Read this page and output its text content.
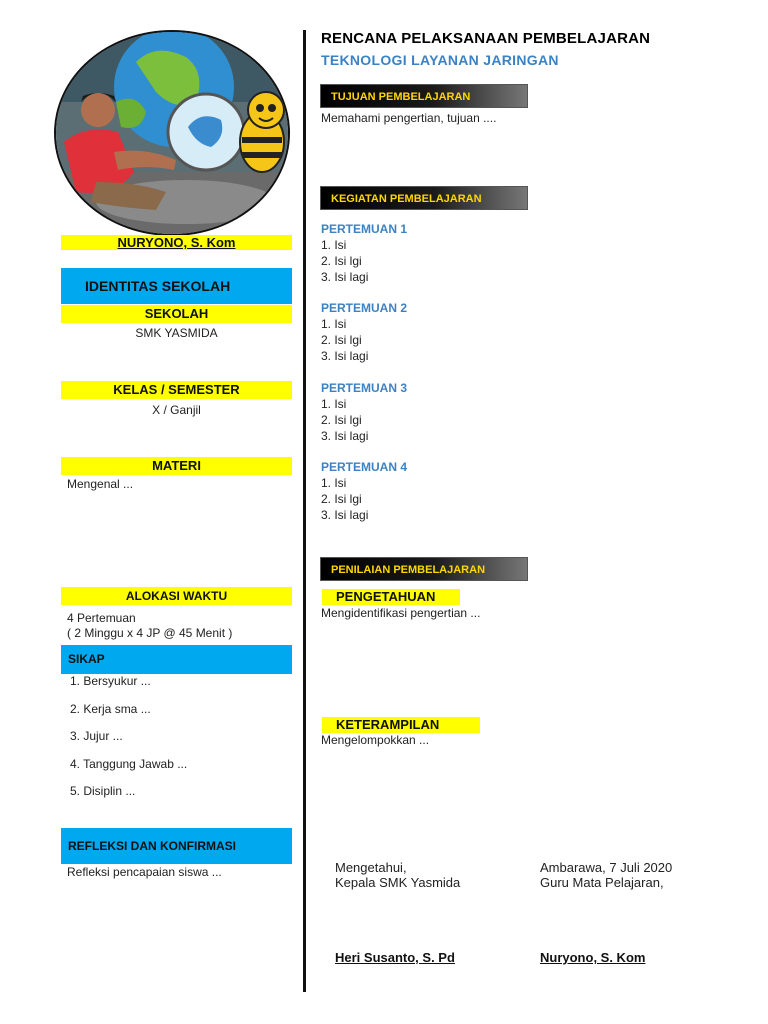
NURYONO, S. Kom
IDENTITAS SEKOLAH
SEKOLAH
SMK YASMIDA
KELAS / SEMESTER
X / Ganjil
MATERI
Mengenal ...
ALOKASI WAKTU
4 Pertemuan
( 2 Minggu x 4 JP @ 45 Menit )
SIKAP
1. Bersyukur ...
2. Kerja sma ...
3. Jujur ...
4. Tanggung Jawab ...
5. Disiplin ...
REFLEKSI DAN KONFIRMASI
Refleksi pencapaian siswa ...
RENCANA PELAKSANAAN PEMBELAJARAN
TEKNOLOGI LAYANAN JARINGAN
TUJUAN PEMBELAJARAN
Memahami pengertian, tujuan ....
KEGIATAN PEMBELAJARAN
PERTEMUAN 1
1. Isi
2. Isi lgi
3. Isi lagi
PERTEMUAN 2
1. Isi
2. Isi lgi
3. Isi lagi
PERTEMUAN 3
1. Isi
2. Isi lgi
3. Isi lagi
PERTEMUAN 4
1. Isi
2. Isi lgi
3. Isi lagi
PENILAIAN PEMBELAJARAN
PENGETAHUAN
Mengidentifikasi pengertian ...
KETERAMPILAN
Mengelompokkan ...
Mengetahui,
Kepala SMK Yasmida
Ambarawa, 7 Juli 2020
Guru Mata Pelajaran,
Heri Susanto, S. Pd	Nuryono, S. Kom
